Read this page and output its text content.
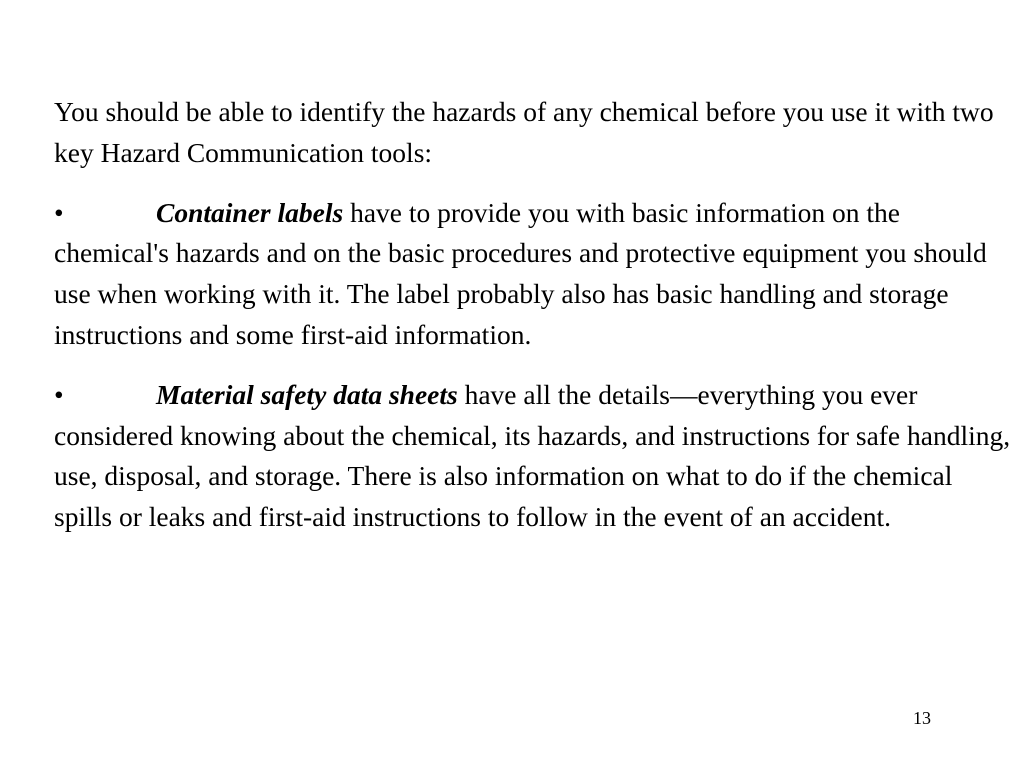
You should be able to identify the hazards of any chemical before you use it with two key Hazard Communication tools:

•	Container labels have to provide you with basic information on the chemical's hazards and on the basic procedures and protective equipment you should use when working with it. The label probably also has basic handling and storage instructions and some first-aid information.

•	Material safety data sheets have all the details—everything you ever considered knowing about the chemical, its hazards, and instructions for safe handling, use, disposal, and storage. There is also information on what to do if the chemical spills or leaks and first-aid instructions to follow in the event of an accident.

13
